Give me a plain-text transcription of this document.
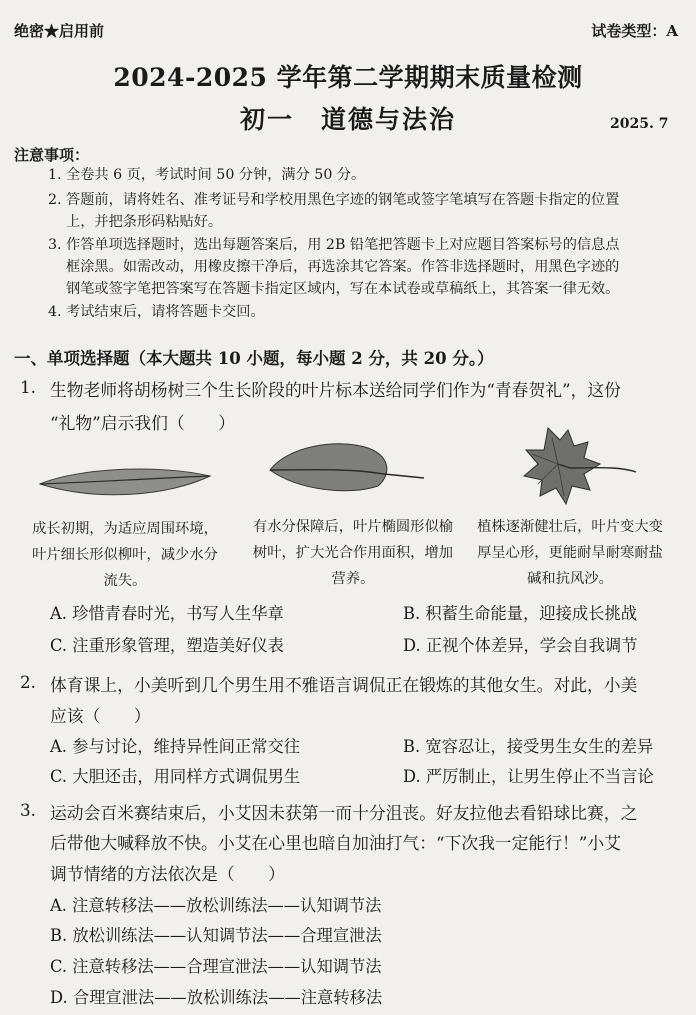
绝密★启用前	试卷类型：A
2024-2025 学年第二学期期末质量检测
初一　道德与法治	2025. 7
注意事项：
1. 全卷共 6 页，考试时间 50 分钟，满分 50 分。
2. 答题前，请将姓名、准考证号和学校用黑色字迹的钢笔或签字笔填写在答题卡指定的位置
上，并把条形码粘贴好。
3. 作答单项选择题时，选出每题答案后，用 2B 铅笔把答题卡上对应题目答案标号的信息点
框涂黑。如需改动，用橡皮擦干净后，再选涂其它答案。作答非选择题时，用黑色字迹的
钢笔或签字笔把答案写在答题卡指定区域内，写在本试卷或草稿纸上，其答案一律无效。
4. 考试结束后，请将答题卡交回。
一、单项选择题（本大题共 10 小题，每小题 2 分，共 20 分。）
1. 生物老师将胡杨树三个生长阶段的叶片标本送给同学们作为“青春贺礼”，这份
“礼物”启示我们（　　）
成长初期，为适应周围环境，叶片细长形似柳叶，减少水分流失。
有水分保障后，叶片椭圆形似榆树叶，扩大光合作用面积，增加营养。
植株逐渐健壮后，叶片变大变厚呈心形，更能耐旱耐寒耐盐碱和抗风沙。
A. 珍惜青春时光，书写人生华章	B. 积蓄生命能量，迎接成长挑战
C. 注重形象管理，塑造美好仪表	D. 正视个体差异，学会自我调节
2. 体育课上，小美听到几个男生用不雅语言调侃正在锻炼的其他女生。对此，小美
应该（　　）
A. 参与讨论，维持异性间正常交往	B. 宽容忍让，接受男生女生的差异
C. 大胆还击，用同样方式调侃男生	D. 严厉制止，让男生停止不当言论
3. 运动会百米赛结束后，小艾因未获第一而十分沮丧。好友拉他去看铅球比赛，之
后带他大喊释放不快。小艾在心里也暗自加油打气：“下次我一定能行！”小艾
调节情绪的方法依次是（　　）
A. 注意转移法——放松训练法——认知调节法
B. 放松训练法——认知调节法——合理宣泄法
C. 注意转移法——合理宣泄法——认知调节法
D. 合理宣泄法——放松训练法——注意转移法
